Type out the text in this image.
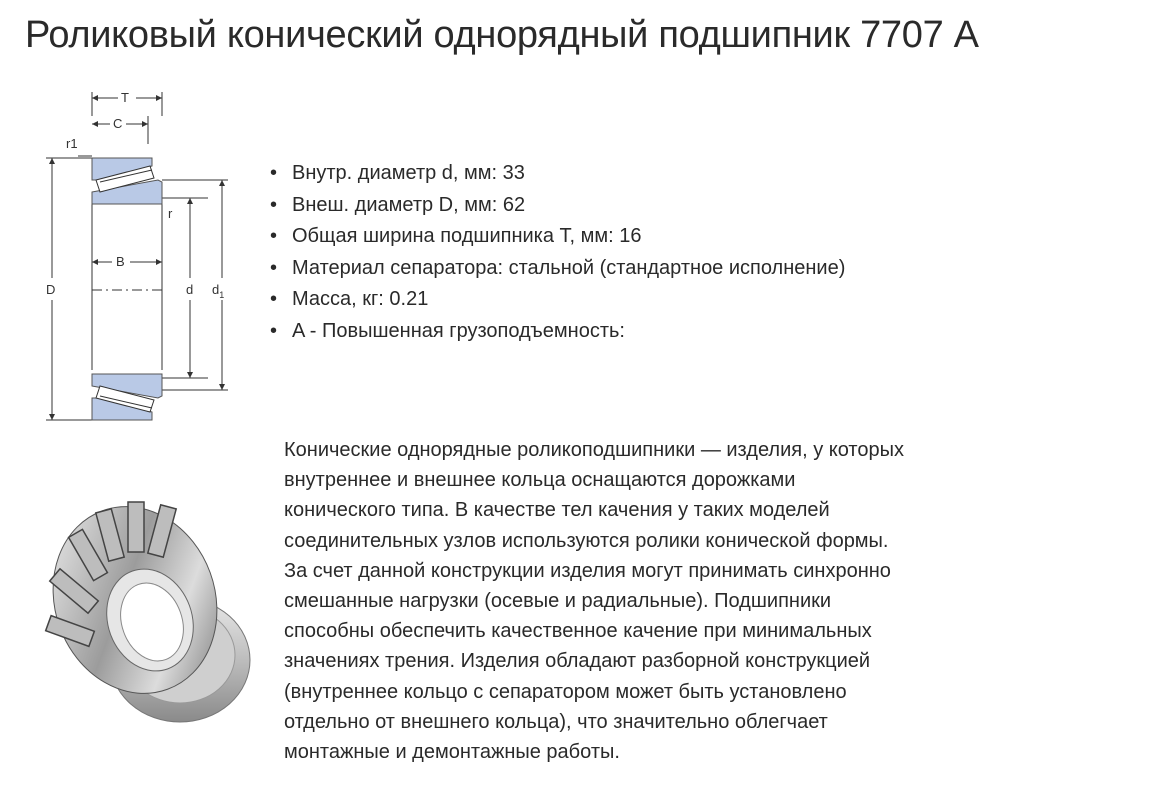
Роликовый конический однорядный подшипник 7707 А
T
C
r1
r
B
D	d $d_1$
• Внутр. диаметр d, мм: 33
• Внеш. диаметр D, мм: 62
• Общая ширина подшипника T, мм: 16
• Материал сепаратора: стальной (стандартное исполнение)
• Масса, кг: 0.21
• A - Повышенная грузоподъемность:

Конические однорядные роликоподшипники — изделия, у которых
внутреннее и внешнее кольца оснащаются дорожками
конического типа. В качестве тел качения у таких моделей
соединительных узлов используются ролики конической формы.
За счет данной конструкции изделия могут принимать синхронно
смешанные нагрузки (осевые и радиальные). Подшипники
способны обеспечить качественное качение при минимальных
значениях трения. Изделия обладают разборной конструкцией
(внутреннее кольцо с сепаратором может быть установлено
отдельно от внешнего кольца), что значительно облегчает
монтажные и демонтажные работы.
